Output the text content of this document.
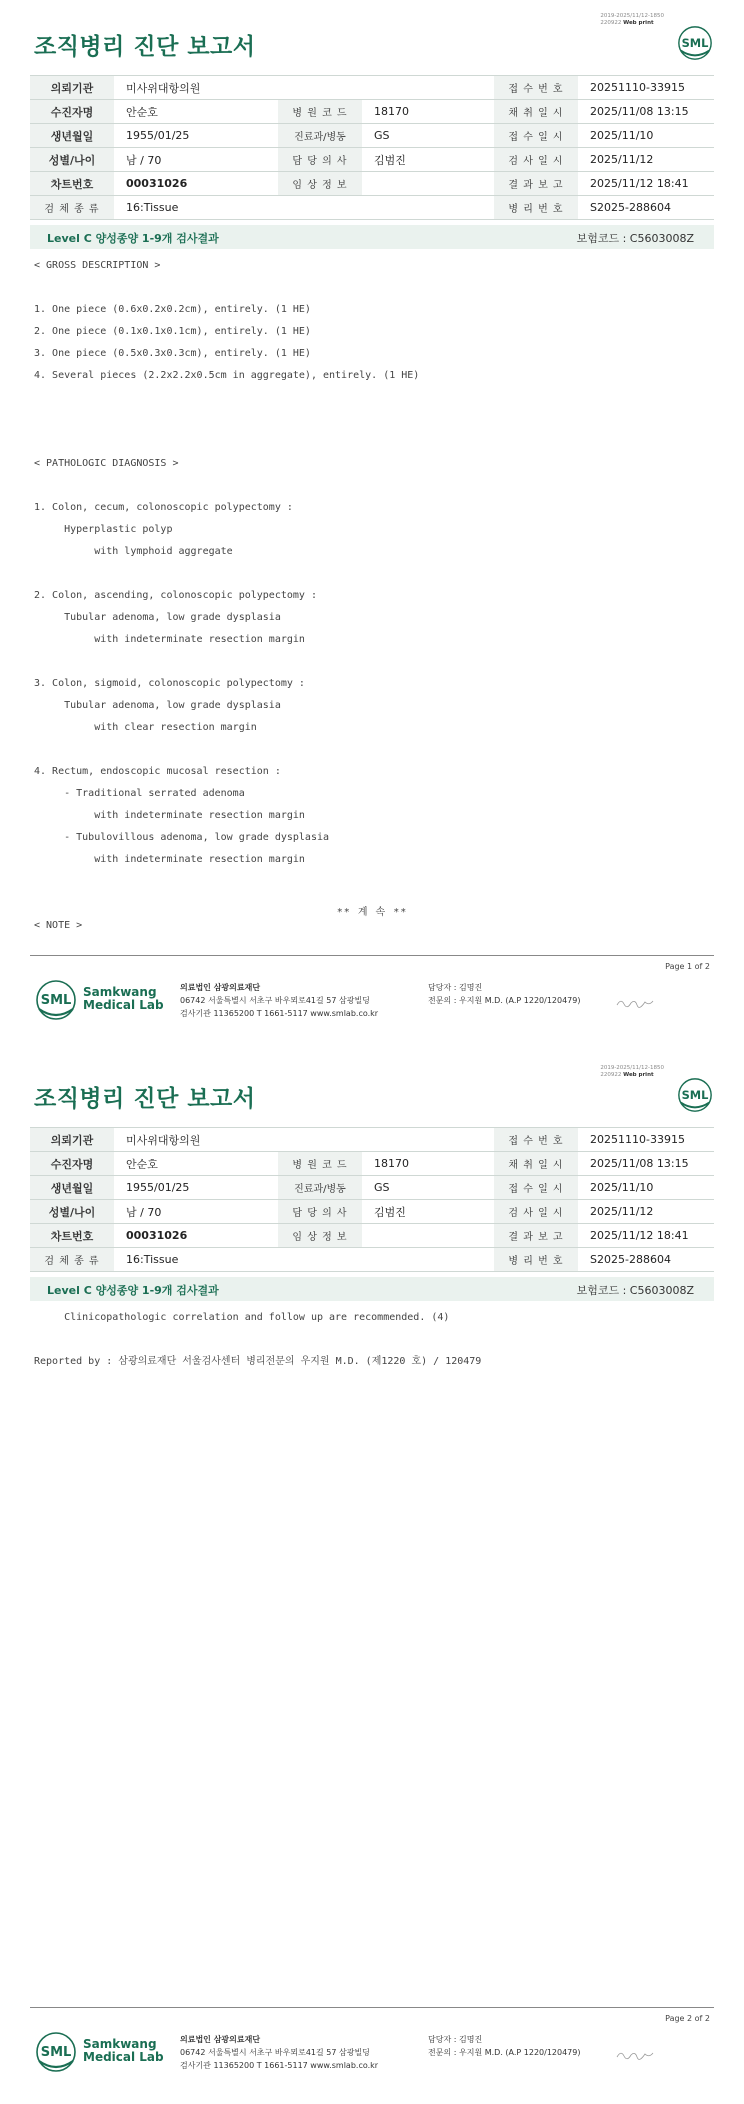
조직병리 진단 보고서
2019-2025/11/12-1850
220922 Web print
SML
의뢰기관	미사위대항의원			접 수 번 호	20251110-33915
수진자명	안순호	병 원 코 드	18170	채 취 일 시	2025/11/08 13:15
생년월일	1955/01/25	진료과/병동	GS	접 수 일 시	2025/11/10
성별/나이	남 / 70	담 당 의 사	김범진	검 사 일 시	2025/11/12
차트번호	00031026	임 상 정 보		결 과 보 고	2025/11/12 18:41
검 체 종 류	16:Tissue			병 리 번 호	S2025-288604
Level C 양성종양 1-9개 검사결과	보험코드 : C5603008Z
< GROSS DESCRIPTION >
1. One piece (0.6x0.2x0.2cm), entirely. (1 HE)
2. One piece (0.1x0.1x0.1cm), entirely. (1 HE)
3. One piece (0.5x0.3x0.3cm), entirely. (1 HE)
4. Several pieces (2.2x2.2x0.5cm in aggregate), entirely. (1 HE)
< PATHOLOGIC DIAGNOSIS >
1. Colon, cecum, colonoscopic polypectomy :
Hyperplastic polyp
with lymphoid aggregate
2. Colon, ascending, colonoscopic polypectomy :
Tubular adenoma, low grade dysplasia
with indeterminate resection margin
3. Colon, sigmoid, colonoscopic polypectomy :
Tubular adenoma, low grade dysplasia
with clear resection margin
4. Rectum, endoscopic mucosal resection :
- Traditional serrated adenoma
with indeterminate resection margin
- Tubulovillous adenoma, low grade dysplasia
with indeterminate resection margin
< NOTE >
** 계 속 **
Page 1 of 2
SML
Samkwang
Medical Lab
의료법인 삼광의료재단
06742 서울특별시 서초구 바우뫼로41길 57 삼광빌딩
검사기관 11365200 T 1661-5117 www.smlab.co.kr
담당자 : 김명진
전문의 : 우지원 M.D. (A.P 1220/120479)
조직병리 진단 보고서
2019-2025/11/12-1850
220922 Web print
SML
의뢰기관	미사위대항의원			접 수 번 호	20251110-33915
수진자명	안순호	병 원 코 드	18170	채 취 일 시	2025/11/08 13:15
생년월일	1955/01/25	진료과/병동	GS	접 수 일 시	2025/11/10
성별/나이	남 / 70	담 당 의 사	김범진	검 사 일 시	2025/11/12
차트번호	00031026	임 상 정 보		결 과 보 고	2025/11/12 18:41
검 체 종 류	16:Tissue			병 리 번 호	S2025-288604
Level C 양성종양 1-9개 검사결과	보험코드 : C5603008Z
Clinicopathologic correlation and follow up are recommended. (4)
Reported by : 삼광의료재단 서울검사센터 병리전문의 우지원 M.D. (제1220 호) / 120479
Page 2 of 2
SML
Samkwang
Medical Lab
의료법인 삼광의료재단
06742 서울특별시 서초구 바우뫼로41길 57 삼광빌딩
검사기관 11365200 T 1661-5117 www.smlab.co.kr
담당자 : 김명진
전문의 : 우지원 M.D. (A.P 1220/120479)
